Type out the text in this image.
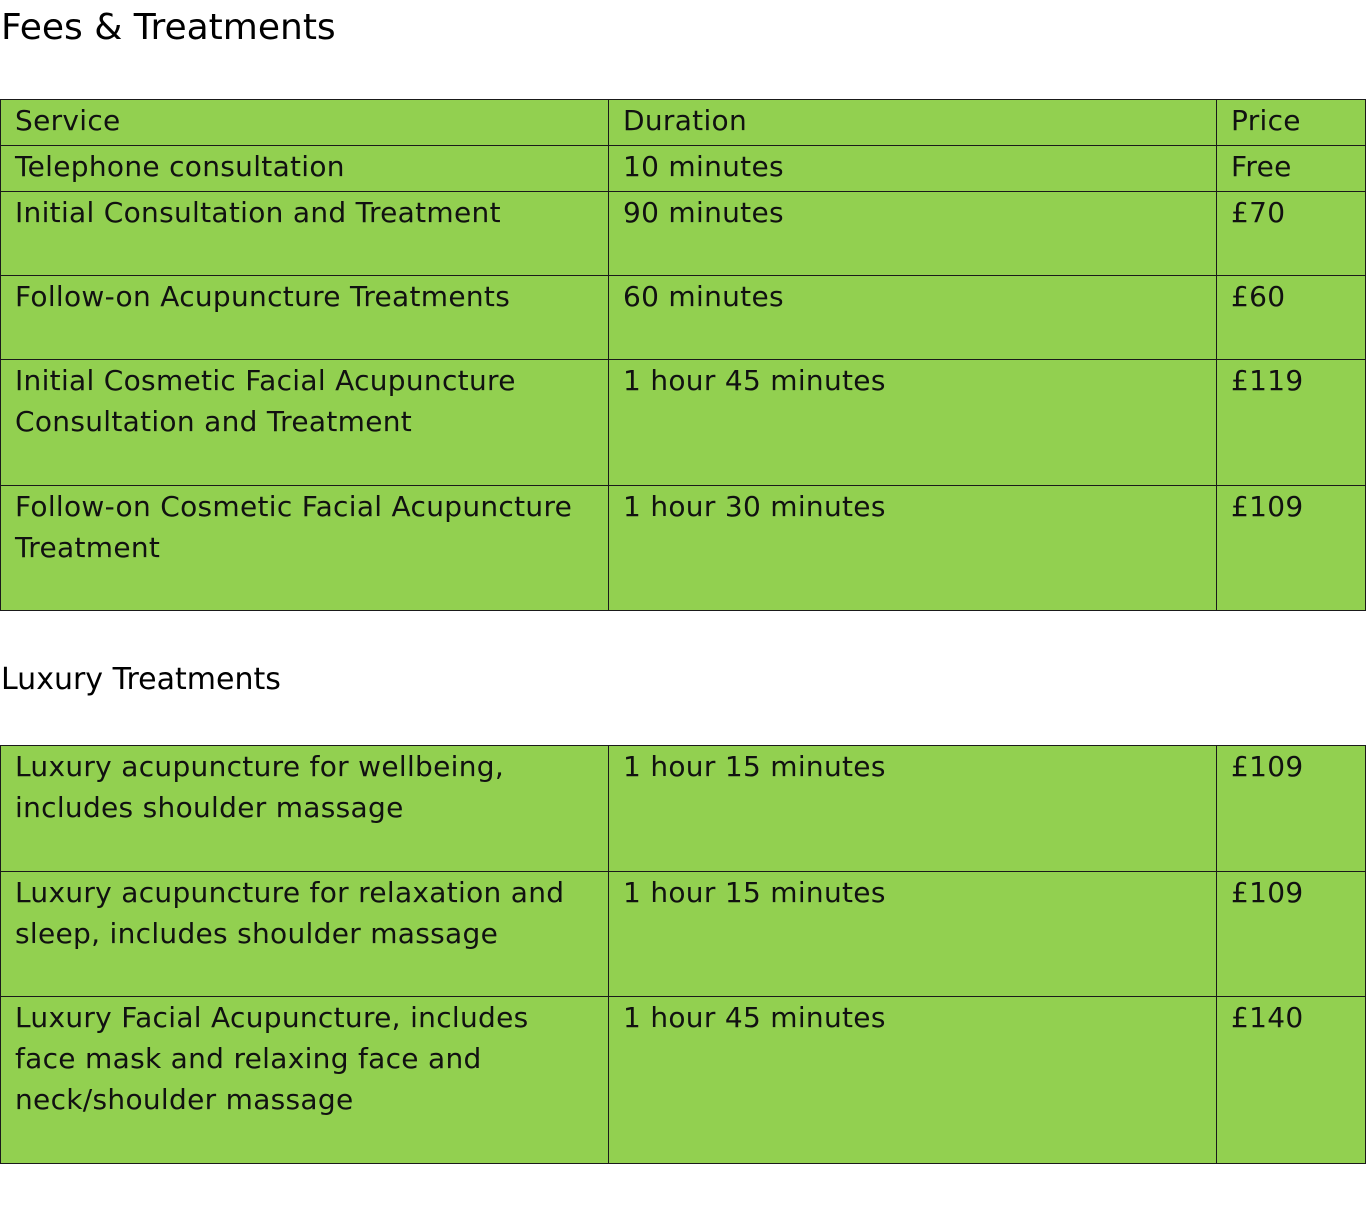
Fees & Treatments
Service	Duration	Price
Telephone consultation	10 minutes	Free
Initial Consultation and Treatment	90 minutes	£70
Follow-on Acupuncture Treatments	60 minutes	£60
Initial Cosmetic Facial Acupuncture Consultation and Treatment	1 hour 45 minutes	£119
Follow-on Cosmetic Facial Acupuncture Treatment	1 hour 30 minutes	£109
Luxury Treatments
Luxury acupuncture for wellbeing, includes shoulder massage	1 hour 15 minutes	£109
Luxury acupuncture for relaxation and sleep, includes shoulder massage	1 hour 15 minutes	£109
Luxury Facial Acupuncture, includes face mask and relaxing face and neck/shoulder massage	1 hour 45 minutes	£140
